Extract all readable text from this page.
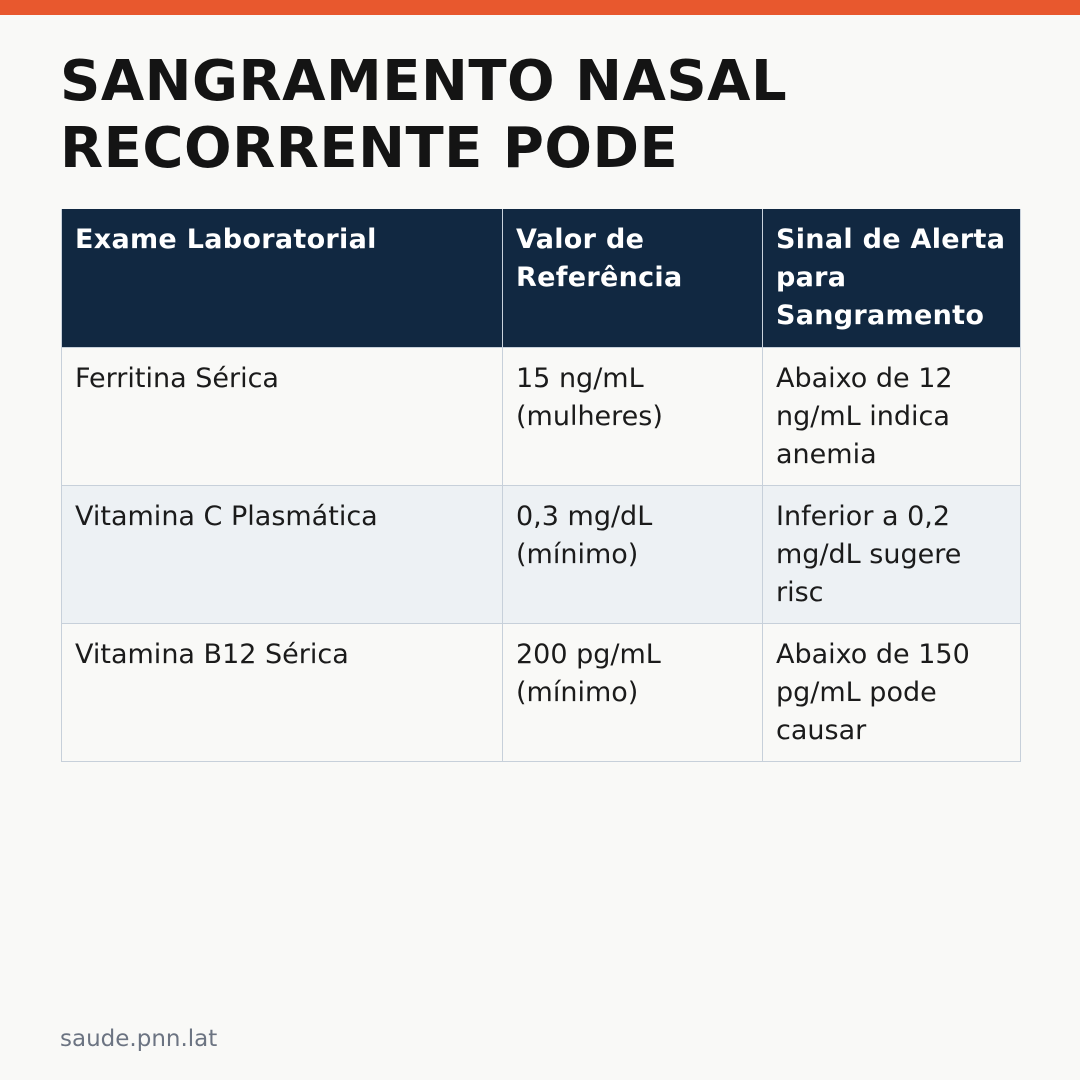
SANGRAMENTO NASAL
RECORRENTE PODE
Exame Laboratorial	Valor de Referência	Sinal de Alerta para Sangramento
Ferritina Sérica	15 ng/mL (mulheres)	Abaixo de 12 ng/mL indica anemia
Vitamina C Plasmática	0,3 mg/dL (mínimo)	Inferior a 0,2 mg/dL sugere risc
Vitamina B12 Sérica	200 pg/mL (mínimo)	Abaixo de 150 pg/mL pode causar
saude.pnn.lat
